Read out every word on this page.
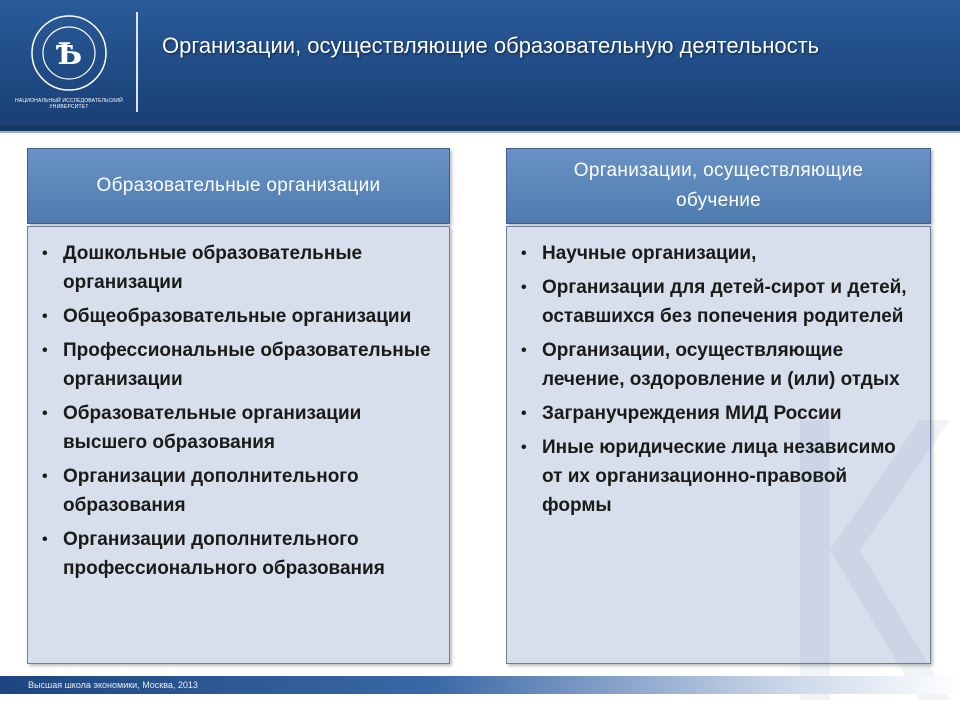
Ѣ
НАЦИОНАЛЬНЫЙ ИССЛЕДОВАТЕЛЬСКИЙ УНИВЕРСИТЕТ
Организации, осуществляющие образовательную деятельность
Образовательные организации
• Дошкольные образовательные организации
• Общеобразовательные организации
• Профессиональные образовательные организации
• Образовательные организации высшего образования
• Организации дополнительного образования
• Организации дополнительного профессионального образования
Организации, осуществляющие
обучение
• Научные организации,
• Организации для детей-сирот и детей, оставшихся без попечения родителей
• Организации, осуществляющие лечение, оздоровление и (или) отдых
• Загранучреждения МИД России
• Иные юридические лица независимо от их организационно-правовой формы
Высшая школа экономики, Москва, 2013
